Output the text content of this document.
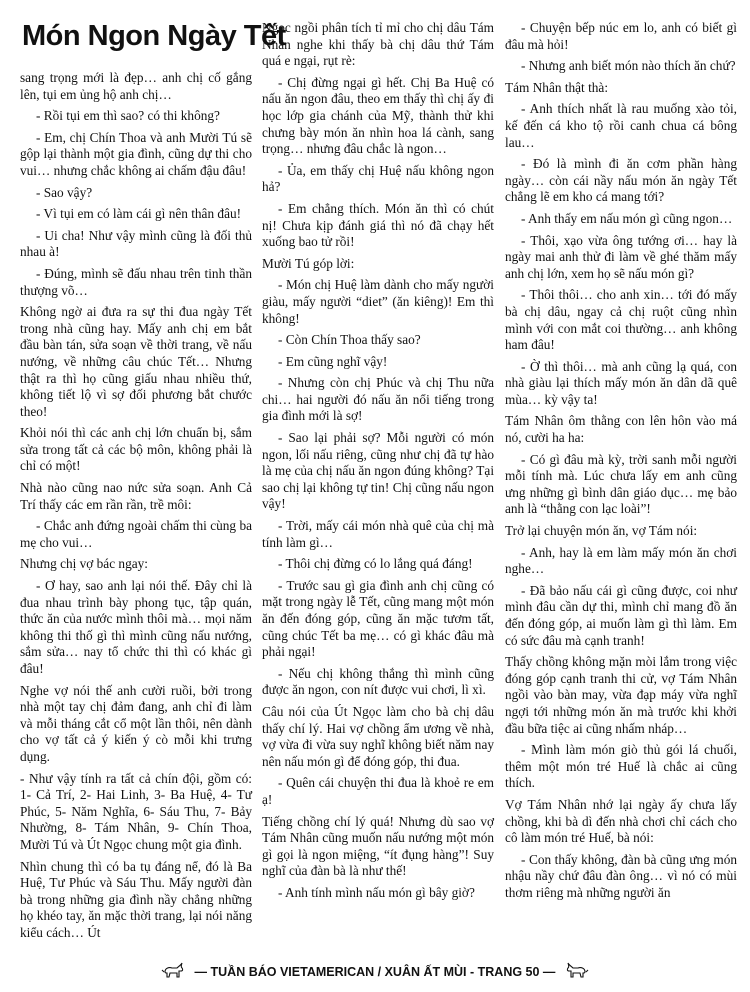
Món Ngon Ngày Tết

sang trọng mới là đẹp… anh chị cố gắng lên, tụi em ủng hộ anh chị…

- Rồi tụi em thì sao? có thi không?

- Em, chị Chín Thoa và anh Mười Tú sẽ gộp lại thành một gia đình, cũng dự thi cho vui… nhưng chắc không ai chấm đậu đâu!

- Sao vậy?

- Vì tụi em có làm cái gì nên thân đâu!

- Ui cha! Như vậy mình cũng là đối thủ nhau à!

- Đúng, mình sẽ đấu nhau trên tinh thần thượng võ…

Không ngờ ai đưa ra sự thi đua ngày Tết trong nhà cũng hay. Mấy anh chị em bắt đầu bàn tán, sửa soạn về thời trang, về nấu nướng, về những câu chúc Tết… Nhưng thật ra thì họ cũng giấu nhau nhiều thứ, không tiết lộ vì sợ đối phương bắt chước theo!

Khỏi nói thì các anh chị lớn chuẩn bị, sắm sửa trong tất cả các bộ môn, không phải là chỉ có một!

Nhà nào cũng nao nức sửa soạn. Anh Cả Trí thấy các em rần rần, trề môi:

- Chắc anh đứng ngoài chấm thi cùng ba mẹ cho vui…

Nhưng chị vợ bác ngay:

- Ơ hay, sao anh lại nói thế. Đây chỉ là đua nhau trình bày phong tục, tập quán, thức ăn của nước mình thôi mà… mọi năm không thi thố gì thì mình cũng nấu nướng, sắm sửa… nay tổ chức thi thì có khác gì đâu!

Nghe vợ nói thế anh cười ruồi, bởi trong nhà một tay chị đảm đang, anh chỉ đi làm và mỗi tháng cắt cổ một lần thôi, nên dành cho vợ tất cả ý kiến ý cò mỗi khi trưng dụng.

- Như vậy tính ra tất cả chín đội, gồm có: 1- Cả Trí, 2- Hai Linh, 3- Ba Huệ, 4- Tư Phúc, 5- Năm Nghĩa, 6- Sáu Thu, 7- Bảy Nhường, 8- Tám Nhân, 9- Chín Thoa, Mười Tú và Út Ngọc chung một gia đình.

Nhìn chung thì có ba tụ đáng nể, đó là Ba Huệ, Tư Phúc và Sáu Thu. Mấy người đàn bà trong những gia đình nầy chẳng những họ khéo tay, ăn mặc thời trang, lại nói năng kiểu cách… Út

Ngọc ngồi phân tích tỉ mỉ cho chị dâu Tám Nhân nghe khi thấy bà chị dâu thứ Tám quá e ngại, rụt rè:

- Chị đừng ngại gì hết. Chị Ba Huệ có nấu ăn ngon đâu, theo em thấy thì chị ấy đi học lớp gia chánh của Mỹ, thành thử khi chưng bày món ăn nhìn hoa lá cành, sang trọng… nhưng đâu chắc là ngon…

- Ủa, em thấy chị Huệ nấu không ngon hả?

- Em chẳng thích. Món ăn thì có chút nị! Chưa kịp đánh giá thì nó đã chạy hết xuống bao tử rồi!

Mười Tú góp lời:

- Món chị Huệ làm dành cho mấy người giàu, mấy người “diet” (ăn kiêng)! Em thì không!

- Còn Chín Thoa thấy sao?

- Em cũng nghĩ vậy!

- Nhưng còn chị Phúc và chị Thu nữa chi… hai người đó nấu ăn nổi tiếng trong gia đình mới là sợ!

- Sao lại phải sợ? Mỗi người có món ngon, lối nấu riêng, cũng như chị đã tự hào là mẹ của chị nấu ăn ngon đúng không? Tại sao chị lại không tự tin! Chị cũng nấu ngon vậy!

- Trời, mấy cái món nhà quê của chị mà tính làm gì…

- Thôi chị đừng có lo lắng quá đáng!

- Trước sau gì gia đình anh chị cũng có mặt trong ngày lễ Tết, cũng mang một món ăn đến đóng góp, cũng ăn mặc tươm tất, cũng chúc Tết ba mẹ… có gì khác đâu mà phải ngại!

- Nếu chị không thắng thì mình cũng được ăn ngon, con nít được vui chơi, lì xì.

Câu nói của Út Ngọc làm cho bà chị dâu thấy chí lý. Hai vợ chồng ẩm ương về nhà, vợ vừa đi vừa suy nghĩ không biết năm nay nên nấu món gì để đóng góp, thi đua.

- Quên cái chuyện thi đua là khoẻ re em ạ!

Tiếng chồng chí lý quá! Nhưng dù sao vợ Tám Nhân cũng muốn nấu nướng một món gì gọi là ngon miệng, “ít đụng hàng”! Suy nghĩ của đàn bà là như thế!

- Anh tính mình nấu món gì bây giờ?

- Chuyện bếp núc em lo, anh có biết gì đâu mà hỏi!

- Nhưng anh biết món nào thích ăn chứ?

Tám Nhân thật thà:

- Anh thích nhất là rau muống xào tỏi, kế đến cá kho tộ rồi canh chua cá bông lau…

- Đó là mình đi ăn cơm phần hàng ngày… còn cái nầy nấu món ăn ngày Tết chẳng lẽ em kho cá mang tới?

- Anh thấy em nấu món gì cũng ngon…

- Thôi, xạo vừa ông tướng ơi… hay là ngày mai anh thử đi làm về ghé thăm mấy anh chị lớn, xem họ sẽ nấu món gì?

- Thôi thôi… cho anh xin… tới đó mấy bà chị dâu, ngay cả chị ruột cũng nhìn mình với con mắt coi thường… anh không ham đâu!

- Ờ thì thôi… mà anh cũng lạ quá, con nhà giàu lại thích mấy món ăn dân dã quê mùa… kỳ vậy ta!

Tám Nhân ôm thằng con lên hôn vào má nó, cười ha ha:

- Có gì đâu mà kỳ, trời sanh mỗi người mỗi tính mà. Lúc chưa lấy em anh cũng ưng những gì bình dân giáo dục… mẹ bảo anh là “thằng con lạc loài”!

Trở lại chuyện món ăn, vợ Tám nói:

- Anh, hay là em làm mấy món ăn chơi nghe…

- Đã bảo nấu cái gì cũng được, coi như mình đâu cần dự thi, mình chỉ mang đồ ăn đến đóng góp, ai muốn làm gì thì làm. Em có sức đâu mà cạnh tranh!

Thấy chồng không mặn mòi lắm trong việc đóng góp cạnh tranh thi cử, vợ Tám Nhân ngồi vào bàn may, vừa đạp máy vừa nghĩ ngợi tới những món ăn mà trước khi khởi đầu bữa tiệc ai cũng nhấm nháp…

- Mình làm món giò thủ gói lá chuối, thêm một món tré Huế là chắc ai cũng thích.

Vợ Tám Nhân nhớ lại ngày ấy chưa lấy chồng, khi bà dì đến nhà chơi chỉ cách cho cô làm món tré Huế, bà nói:

- Con thấy không, đàn bà cũng ưng món nhậu nầy chứ đâu đàn ông… vì nó có mùi thơm riêng mà những người ăn

— TUẦN BÁO VIETAMERICAN / XUÂN ẤT MÙI - TRANG 50 —
